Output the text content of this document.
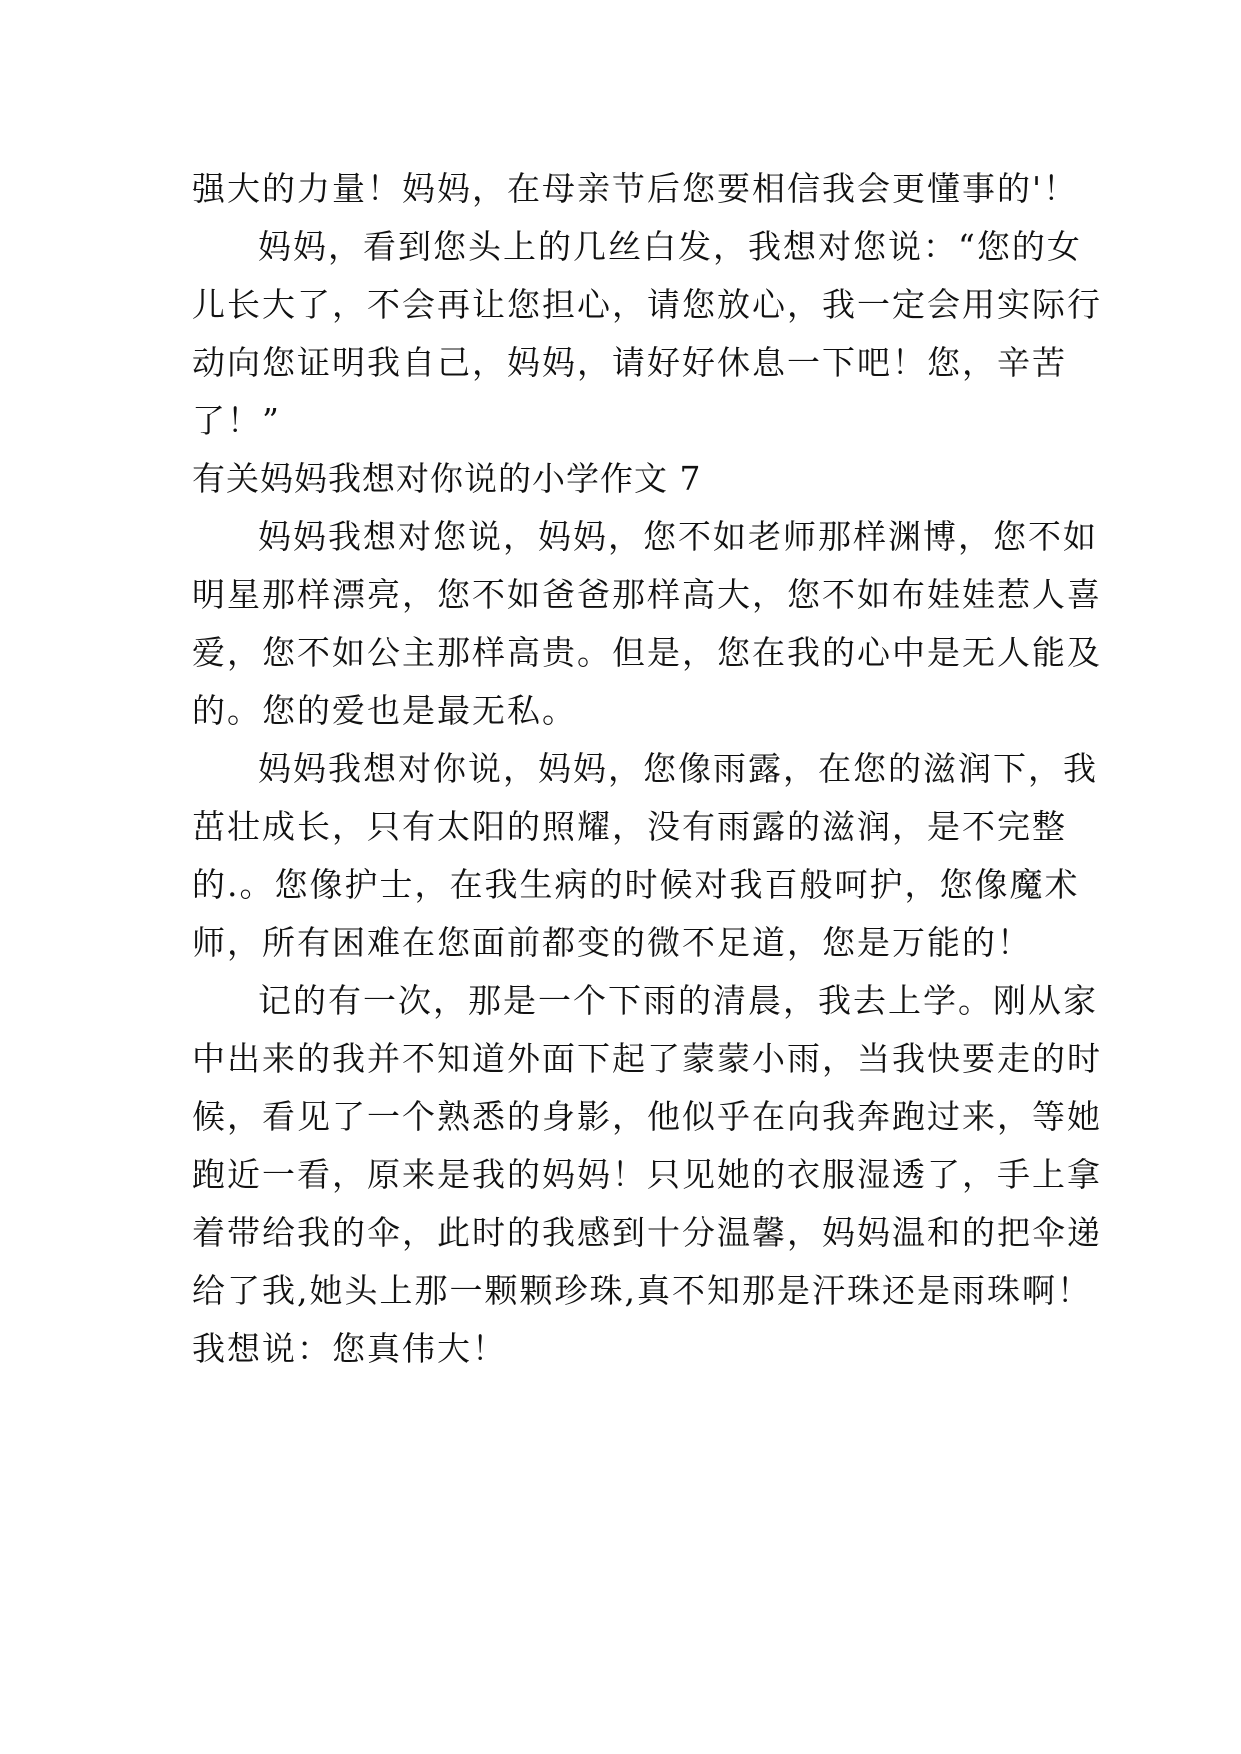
强大的力量！妈妈，在母亲节后您要相信我会更懂事的'！
妈妈，看到您头上的几丝白发，我想对您说：“您的女
儿长大了，不会再让您担心，请您放心，我一定会用实际行
动向您证明我自己，妈妈，请好好休息一下吧！您，辛苦
了！”
有关妈妈我想对你说的小学作文 7
妈妈我想对您说，妈妈，您不如老师那样渊博，您不如
明星那样漂亮，您不如爸爸那样高大，您不如布娃娃惹人喜
爱，您不如公主那样高贵。但是，您在我的心中是无人能及
的。您的爱也是最无私。
妈妈我想对你说，妈妈，您像雨露，在您的滋润下，我
茁壮成长，只有太阳的照耀，没有雨露的滋润，是不完整
的.。您像护士，在我生病的时候对我百般呵护，您像魔术
师，所有困难在您面前都变的微不足道，您是万能的！
记的有一次，那是一个下雨的清晨，我去上学。刚从家
中出来的我并不知道外面下起了蒙蒙小雨，当我快要走的时
候，看见了一个熟悉的身影，他似乎在向我奔跑过来，等她
跑近一看，原来是我的妈妈！只见她的衣服湿透了，手上拿
着带给我的伞，此时的我感到十分温馨，妈妈温和的把伞递
给了我,她头上那一颗颗珍珠,真不知那是汗珠还是雨珠啊！
我想说：您真伟大！
